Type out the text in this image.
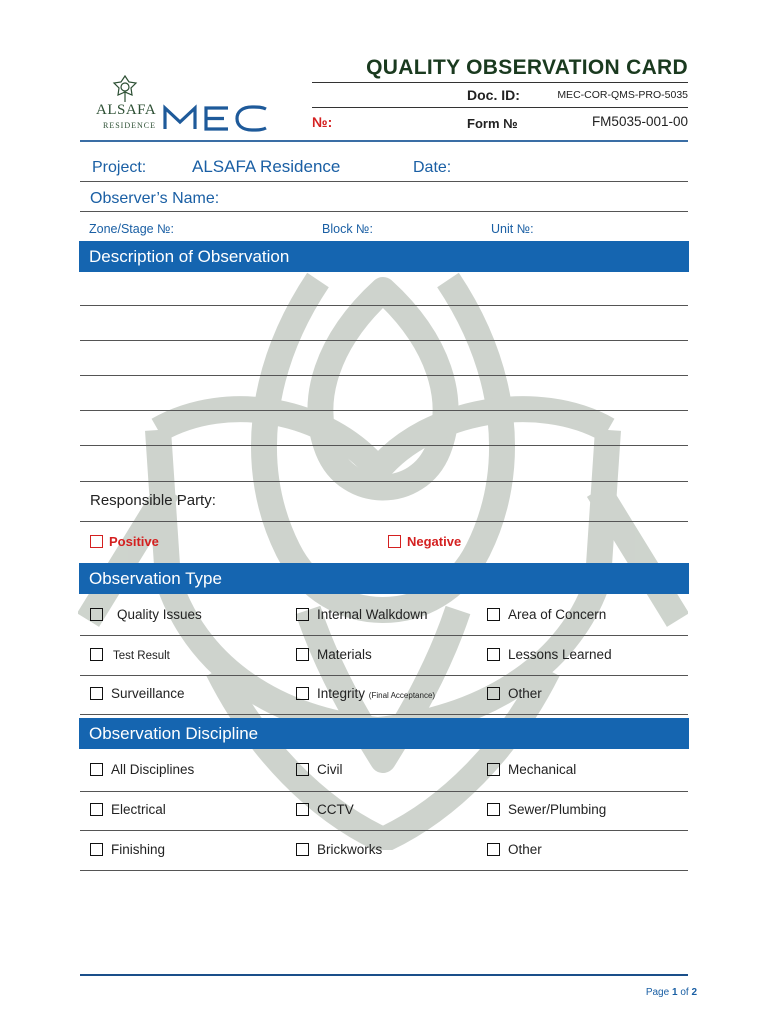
ALSAFA
RESIDENCE
QUALITY OBSERVATION CARD
Doc. ID:	MEC-COR-QMS-PRO-5035
№:	Form №	FM5035-001-00
Project:	ALSAFA Residence	Date:
Observer’s Name:
Zone/Stage №:	Block №:	Unit №:
Description of Observation
Responsible Party:
Positive	Negative
Observation Type
Quality Issues	Internal Walkdown	Area of Concern
Test Result	Materials	Lessons Learned
Surveillance	Integrity (Final Acceptance)	Other
Observation Discipline
All Disciplines	Civil	Mechanical
Electrical	CCTV	Sewer/Plumbing
Finishing	Brickworks	Other
Page 1 of 2
